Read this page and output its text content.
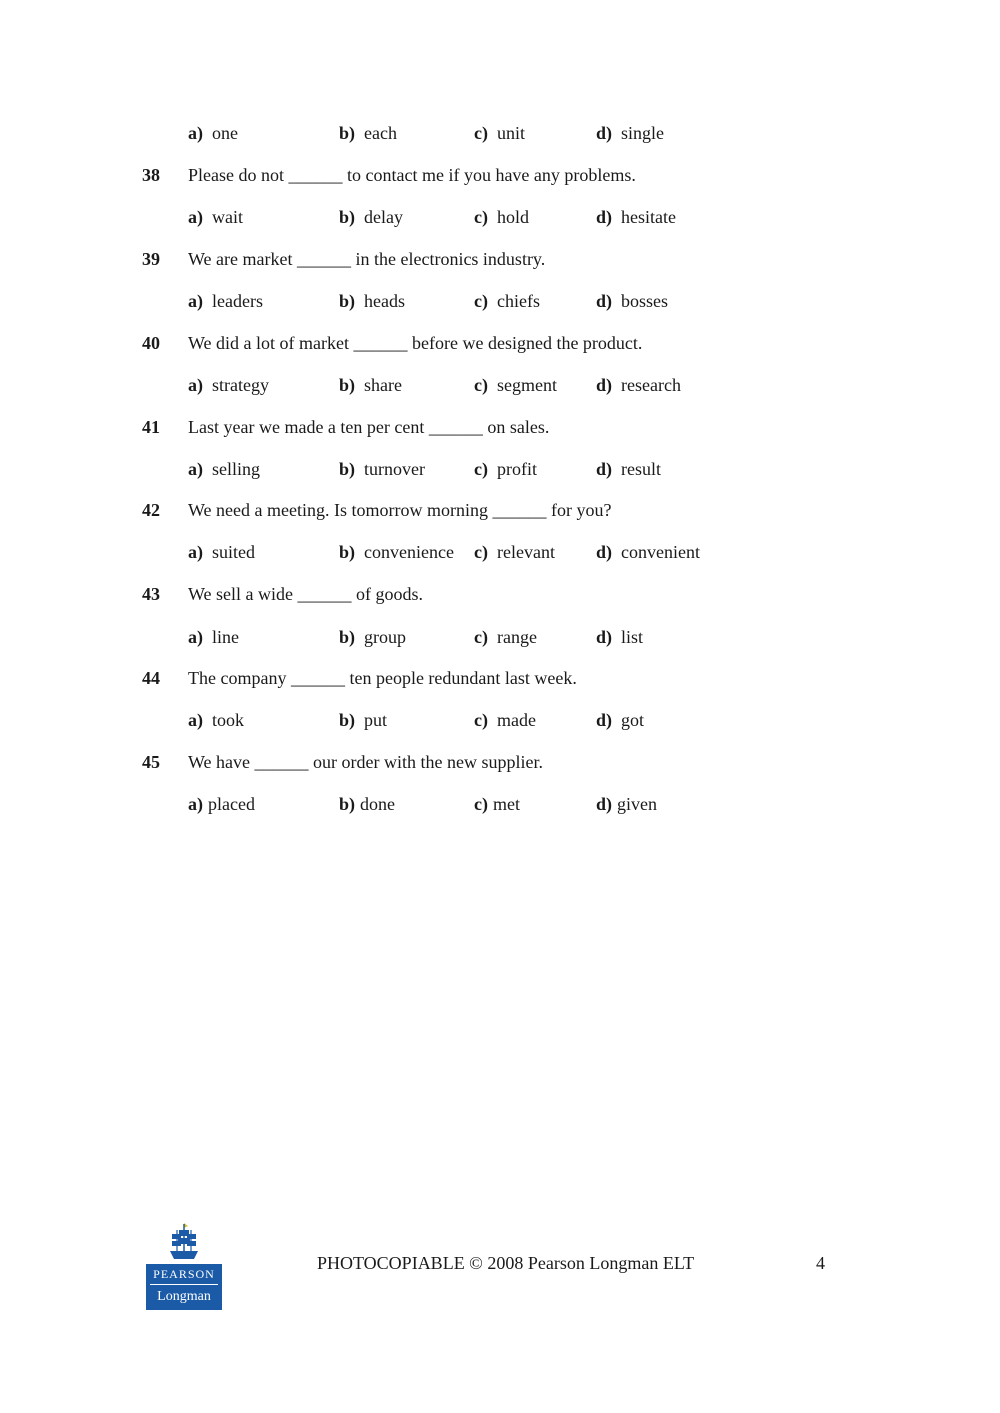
a) one	b) each	c) unit	d) single
38 Please do not ______ to contact me if you have any problems.
a) wait	b) delay	c) hold	d) hesitate
39 We are market ______ in the electronics industry.
a) leaders	b) heads	c) chiefs	d) bosses
40 We did a lot of market ______ before we designed the product.
a) strategy	b) share	c) segment d) research
41 Last year we made a ten per cent ______ on sales.
a) selling	b) turnover	c) profit	d) result
42 We need a meeting. Is tomorrow morning ______ for you?
a) suited	b) convenience c) relevant d) convenient
43 We sell a wide ______ of goods.
a) line	b) group	c) range	d) list
44 The company ______ ten people redundant last week.
a) took	b) put	c) made	d) got
45 We have ______ our order with the new supplier.
a) placed	b) done	c) met	d) given
PEARSON
Longman
PHOTOCOPIABLE © 2008 Pearson Longman ELT	4
